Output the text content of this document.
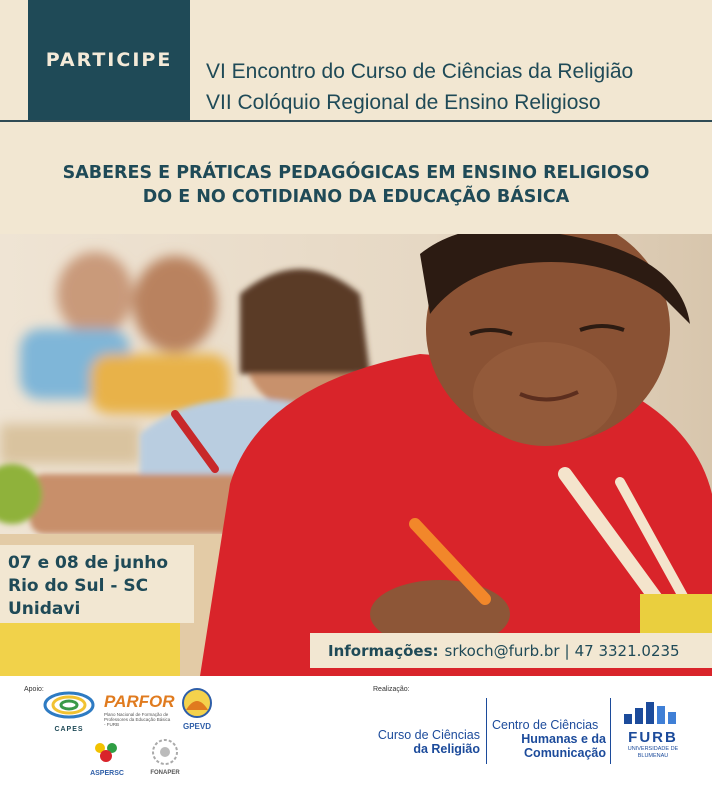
PARTICIPE VI Encontro do Curso de Ciências da Religião
VII Colóquio Regional de Ensino Religioso
SABERES E PRÁTICAS PEDAGÓGICAS EM ENSINO RELIGIOSO
DO E NO COTIDIANO DA EDUCAÇÃO BÁSICA
07 e 08 de junho
Rio do Sul - SC
Unidavi
Informações: srkoch@furb.br | 47 3321.0235
Apoio:	Realização:
CAPES
PARFOR
Plano Nacional de Formação de Professores da Educação Básica - FURB	GPEVD
ASPERSC	FONAPER
Curso de Ciências
da Religião
Centro de Ciências
Humanas e da
Comunicação
FURB
UNIVERSIDADE DE
BLUMENAU
